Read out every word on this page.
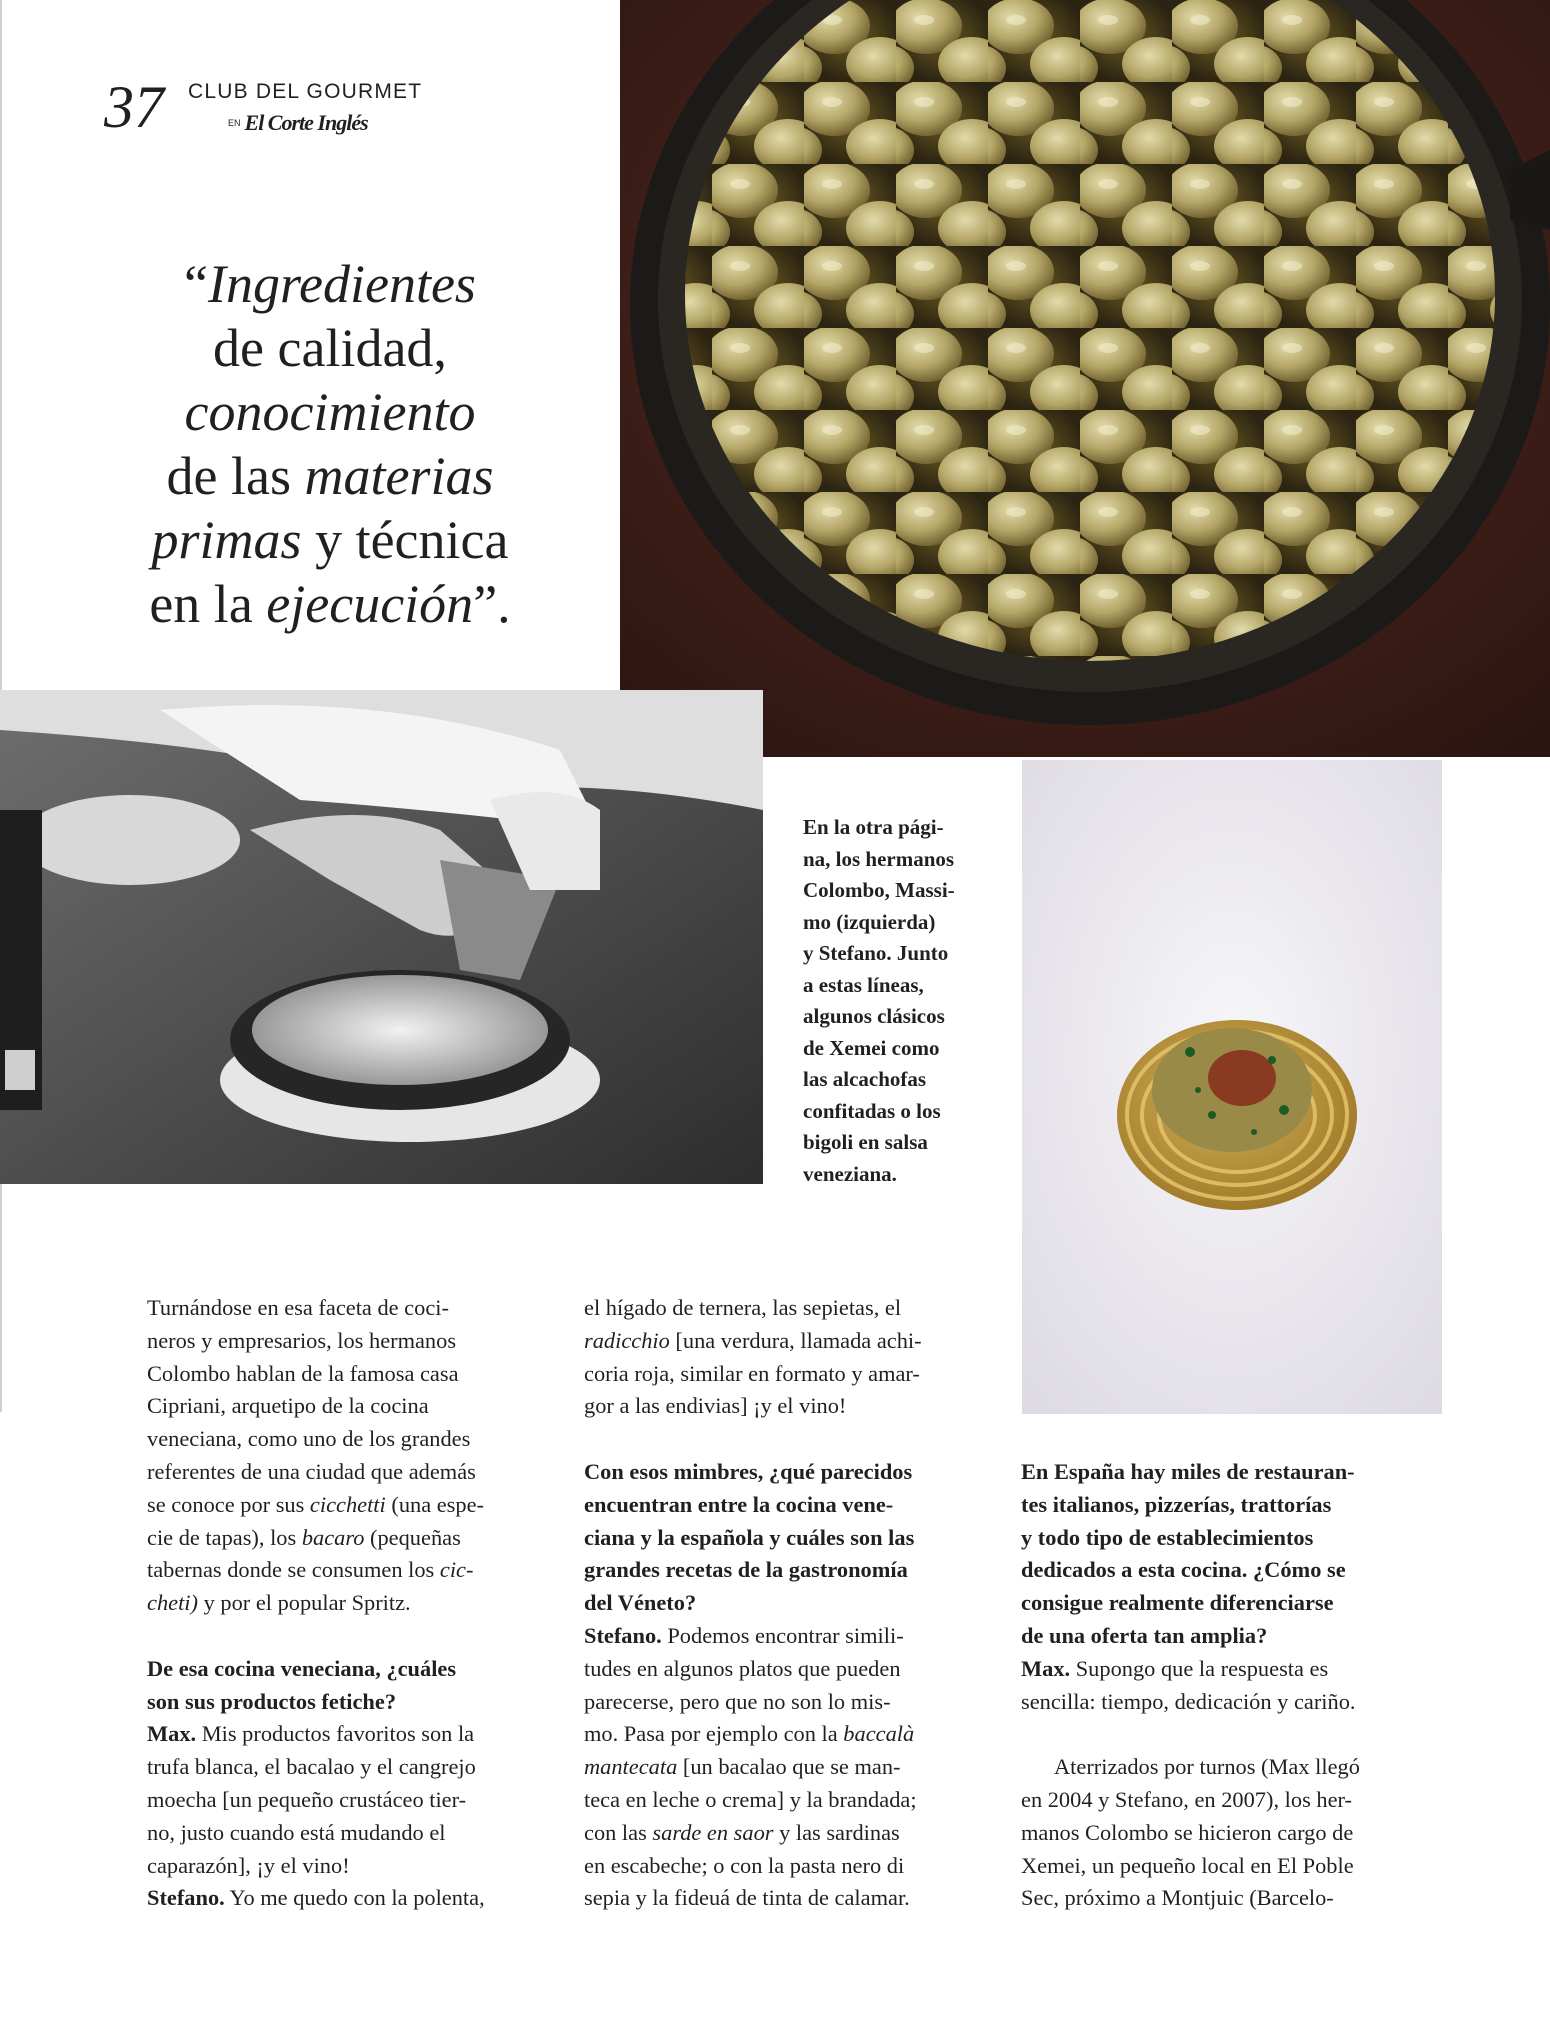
37	CLUB DEL GOURMET
EN El Corte Inglés
“Ingredientes
de calidad,
conocimiento
de las materias
primas y técnica
en la ejecución”.
En la otra pági-
na, los hermanos
Colombo, Massi-
mo (izquierda)
y Stefano. Junto
a estas líneas,
algunos clásicos
de Xemei como
las alcachofas
confitadas o los
bigoli en salsa
veneziana.
Turnándose en esa faceta de coci-
neros y empresarios, los hermanos
Colombo hablan de la famosa casa
Cipriani, arquetipo de la cocina
veneciana, como uno de los grandes
referentes de una ciudad que además
se conoce por sus cicchetti (una espe-
cie de tapas), los bacaro (pequeñas
tabernas donde se consumen los cic-
cheti) y por el popular Spritz.
De esa cocina veneciana, ¿cuáles
son sus productos fetiche?
Max. Mis productos favoritos son la
trufa blanca, el bacalao y el cangrejo
moecha [un pequeño crustáceo tier-
no, justo cuando está mudando el
caparazón], ¡y el vino!
Stefano. Yo me quedo con la polenta,
el hígado de ternera, las sepietas, el
radicchio [una verdura, llamada achi-
coria roja, similar en formato y amar-
gor a las endivias] ¡y el vino!
Con esos mimbres, ¿qué parecidos
encuentran entre la cocina vene-
ciana y la española y cuáles son las
grandes recetas de la gastronomía
del Véneto?
Stefano. Podemos encontrar simili-
tudes en algunos platos que pueden
parecerse, pero que no son lo mis-
mo. Pasa por ejemplo con la baccalà
mantecata [un bacalao que se man-
teca en leche o crema] y la brandada;
con las sarde en saor y las sardinas
en escabeche; o con la pasta nero di
sepia y la fideuá de tinta de calamar.
En España hay miles de restauran-
tes italianos, pizzerías, trattorías
y todo tipo de establecimientos
dedicados a esta cocina. ¿Cómo se
consigue realmente diferenciarse
de una oferta tan amplia?
Max. Supongo que la respuesta es
sencilla: tiempo, dedicación y cariño.
Aterrizados por turnos (Max llegó
en 2004 y Stefano, en 2007), los her-
manos Colombo se hicieron cargo de
Xemei, un pequeño local en El Poble
Sec, próximo a Montjuic (Barcelo-
